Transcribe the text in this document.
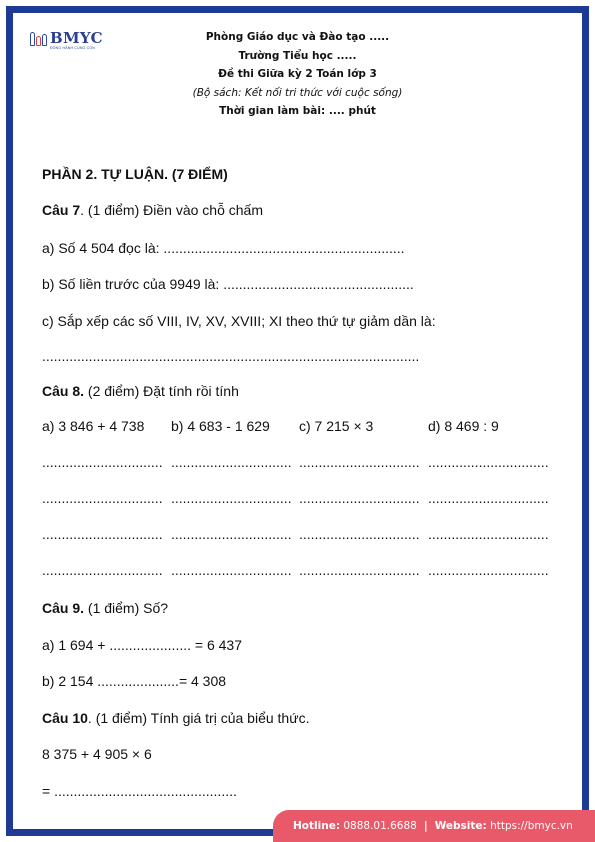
BMYC
ĐỒNG HÀNH CÙNG CON
Phòng Giáo dục và Đào tạo .....
Trường Tiểu học .....
Đề thi Giữa kỳ 2 Toán lớp 3
(Bộ sách: Kết nối tri thức với cuộc sống)
Thời gian làm bài: .... phút
PHẦN 2. TỰ LUẬN. (7 ĐIỂM)
Câu 7. (1 điểm) Điền vào chỗ chấm
a) Số 4 504 đọc là: ..............................................................
b) Số liền trước của 9949 là: .................................................
c) Sắp xếp các số VIII, IV, XV, XVIII; XI theo thứ tự giảm dần là:
.................................................................................................
Câu 8. (2 điểm) Đặt tính rồi tính
a) 3 846 + 4 738 b) 4 683 - 1 629 c) 7 215 × 3	d) 8 469 : 9
............................... ............................... ............................... ...............................
............................... ............................... ............................... ...............................
............................... ............................... ............................... ...............................
............................... ............................... ............................... ...............................
Câu 9. (1 điểm) Số?
a) 1 694 + ..................... = 6 437
b) 2 154 .....................= 4 308
Câu 10. (1 điểm) Tính giá trị của biểu thức.
8 375 + 4 905 × 6
= ...............................................
Hotline:
0888.01.6688 | Website:
https://bmyc.vn
